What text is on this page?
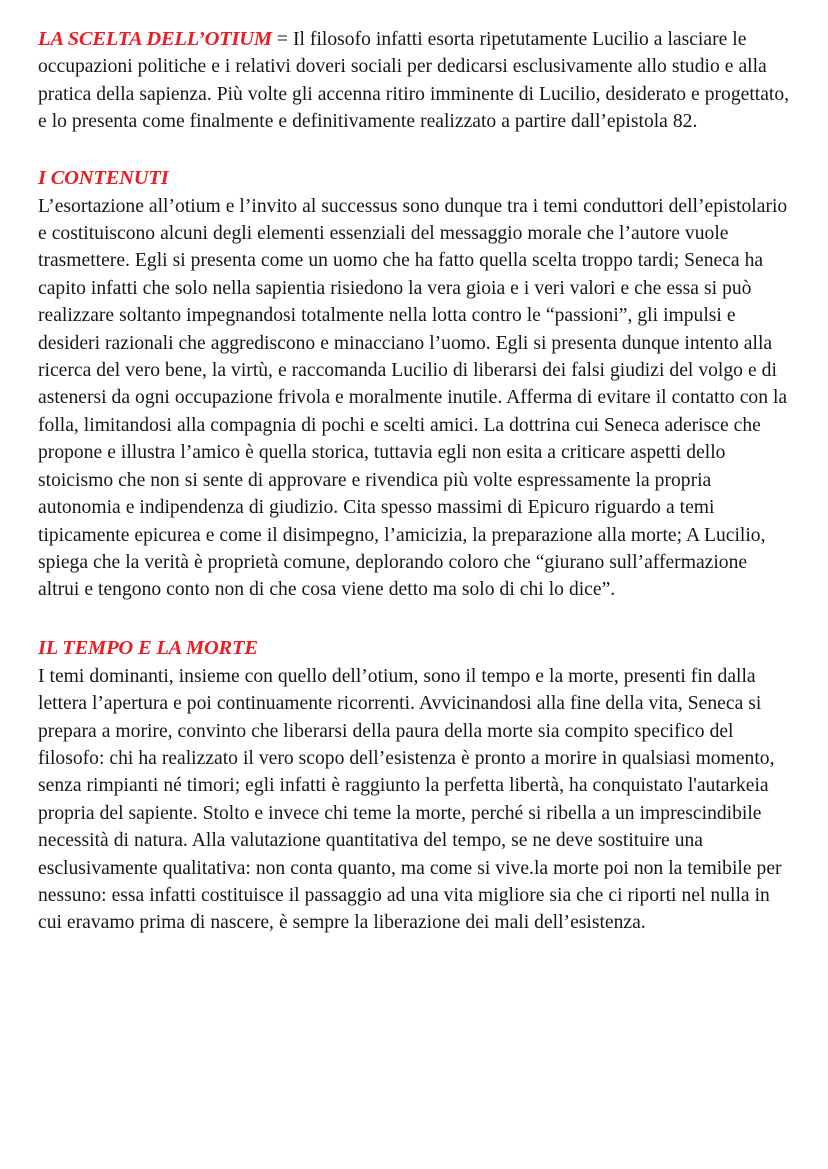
LA SCELTA DELL’OTIUM = Il filosofo infatti esorta ripetutamente Lucilio a lasciare le occupazioni politiche e i relativi doveri sociali per dedicarsi esclusivamente allo studio e alla pratica della sapienza. Più volte gli accenna ritiro imminente di Lucilio, desiderato e progettato, e lo presenta come finalmente e definitivamente realizzato a partire dall’epistola 82.

I CONTENUTI

L’esortazione all’otium e l’invito al successus sono dunque tra i temi conduttori dell’epistolario e costituiscono alcuni degli elementi essenziali del messaggio morale che l’autore vuole trasmettere. Egli si presenta come un uomo che ha fatto quella scelta troppo tardi; Seneca ha capito infatti che solo nella sapientia risiedono la vera gioia e i veri valori e che essa si può realizzare soltanto impegnandosi totalmente nella lotta contro le “passioni”, gli impulsi e desideri razionali che aggrediscono e minacciano l’uomo. Egli si presenta dunque intento alla ricerca del vero bene, la virtù, e raccomanda Lucilio di liberarsi dei falsi giudizi del volgo e di astenersi da ogni occupazione frivola e moralmente inutile. Afferma di evitare il contatto con la folla, limitandosi alla compagnia di pochi e scelti amici. La dottrina cui Seneca aderisce che propone e illustra l’amico è quella storica, tuttavia egli non esita a criticare aspetti dello stoicismo che non si sente di approvare e rivendica più volte espressamente la propria autonomia e indipendenza di giudizio. Cita spesso massimi di Epicuro riguardo a temi tipicamente epicurea e come il disimpegno, l’amicizia, la preparazione alla morte; A Lucilio, spiega che la verità è proprietà comune, deplorando coloro che “giurano sull’affermazione altrui e tengono conto non di che cosa viene detto ma solo di chi lo dice”.

IL TEMPO E LA MORTE

I temi dominanti, insieme con quello dell’otium, sono il tempo e la morte, presenti fin dalla lettera l’apertura e poi continuamente ricorrenti. Avvicinandosi alla fine della vita, Seneca si prepara a morire, convinto che liberarsi della paura della morte sia compito specifico del filosofo: chi ha realizzato il vero scopo dell’esistenza è pronto a morire in qualsiasi momento, senza rimpianti né timori; egli infatti è raggiunto la perfetta libertà, ha conquistato l'autarkeia propria del sapiente. Stolto e invece chi teme la morte, perché si ribella a un imprescindibile necessità di natura. Alla valutazione quantitativa del tempo, se ne deve sostituire una esclusivamente qualitativa: non conta quanto, ma come si vive.la morte poi non la temibile per nessuno: essa infatti costituisce il passaggio ad una vita migliore sia che ci riporti nel nulla in cui eravamo prima di nascere, è sempre la liberazione dei mali dell’esistenza.
